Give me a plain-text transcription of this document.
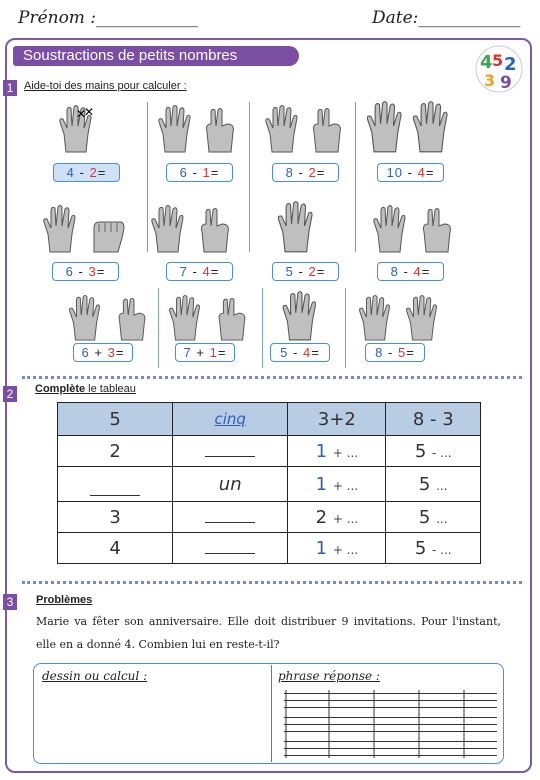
Prénom :____________	Date:____________
Soustractions de petits nombres	4 5 2
3 9
1 Aide-toi des mains pour calculer :
✕
✕
4 - 2=	6 - 1=	8 - 2=	10 - 4=
6 - 3=	7 - 4=	5 - 2=	8 - 4=
6 + 3=	7 + 1=	5 - 4=	8 - 5=
2	Complète le tableau
5	cinq	3+2	8 - 3
2		1 + ...	5 - ...
	un	1 + ...	5 ...
3		2 + ...	5 ...
4		1 + ...	5 - ...
3	Problèmes
Marie va fêter son anniversaire. Elle doit distribuer 9 invitations. Pour l'instant, elle en a donné 4. Combien lui en reste-t-il?
dessin ou calcul :	phrase réponse :
